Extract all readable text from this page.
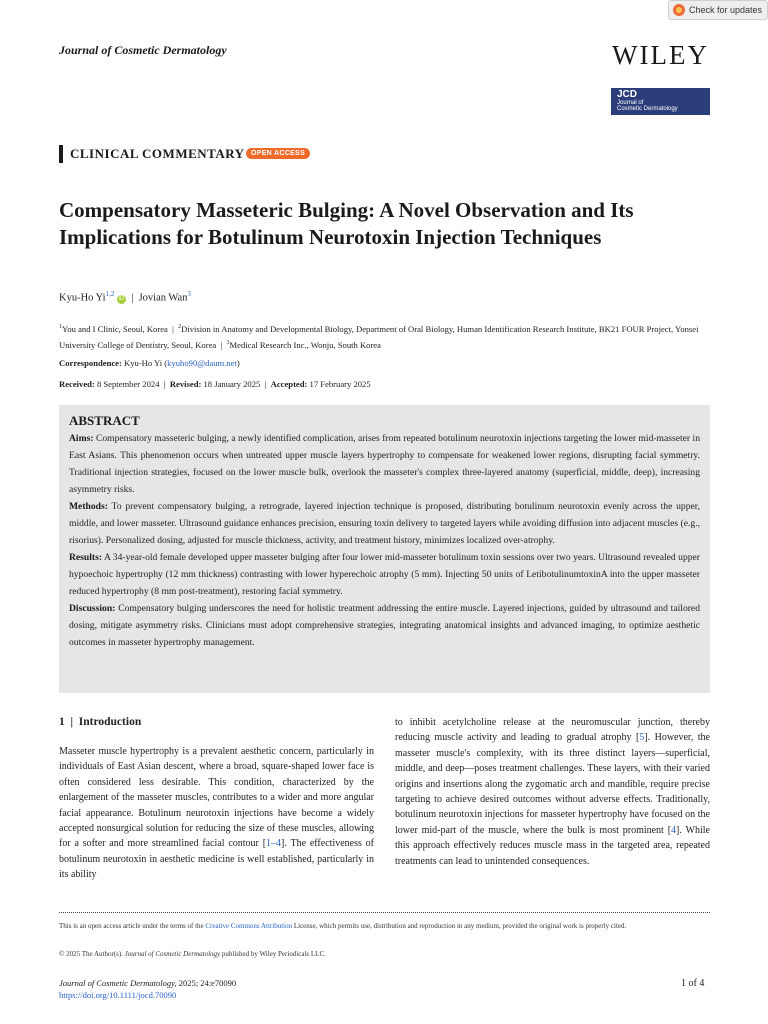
Check for updates
Journal of Cosmetic Dermatology	WILEY
JCD
Journal of
Cosmetic Dermatology
CLINICAL COMMENTARY OPEN ACCESS
Compensatory Masseteric Bulging: A Novel Observation and Its Implications for Botulinum Neurotoxin Injection Techniques
Kyu-Ho Yi$^{1,2}$ iD  |  Jovian Wan$^3$
$^1$You and I Clinic, Seoul, Korea  |  $^2$Division in Anatomy and Developmental Biology, Department of Oral Biology, Human Identification Research Institute, BK21 FOUR Project, Yonsei University College of Dentistry, Seoul, Korea  |  $^3$Medical Research Inc., Wonju, South Korea
Correspondence: Kyu-Ho Yi (kyuho90@daum.net)
Received: 8 September 2024  |  Revised: 18 January 2025  |  Accepted: 17 February 2025
ABSTRACT

Aims: Compensatory masseteric bulging, a newly identified complication, arises from repeated botulinum neurotoxin injections targeting the lower mid-masseter in East Asians. This phenomenon occurs when untreated upper muscle layers hypertrophy to compensate for weakened lower regions, disrupting facial symmetry. Traditional injection strategies, focused on the lower muscle bulk, overlook the masseter's complex three-layered anatomy (superficial, middle, deep), increasing asymmetry risks.

Methods: To prevent compensatory bulging, a retrograde, layered injection technique is proposed, distributing botulinum neurotoxin evenly across the upper, middle, and lower masseter. Ultrasound guidance enhances precision, ensuring toxin delivery to targeted layers while avoiding diffusion into adjacent muscles (e.g., risorius). Personalized dosing, adjusted for muscle thickness, activity, and treatment history, minimizes localized over-atrophy.

Results: A 34-year-old female developed upper masseter bulging after four lower mid-masseter botulinum toxin sessions over two years. Ultrasound revealed upper hypoechoic hypertrophy (12 mm thickness) contrasting with lower hyperechoic atrophy (5 mm). Injecting 50 units of LetibotulinumtoxinA into the upper masseter reduced hypertrophy (8 mm post-treatment), restoring facial symmetry.

Discussion: Compensatory bulging underscores the need for holistic treatment addressing the entire muscle. Layered injections, guided by ultrasound and tailored dosing, mitigate asymmetry risks. Clinicians must adopt comprehensive strategies, integrating anatomical insights and advanced imaging, to optimize aesthetic outcomes in masseter hypertrophy management.

1 | Introduction
Masseter muscle hypertrophy is a prevalent aesthetic concern, particularly in individuals of East Asian descent, where a broad, square-shaped lower face is often considered less desirable. This condition, characterized by the enlargement of the masseter muscles, contributes to a wider and more angular facial appearance. Botulinum neurotoxin injections have become a widely accepted nonsurgical solution for reducing the size of these muscles, allowing for a softer and more streamlined facial contour [1–4]. The effectiveness of botulinum neurotoxin in aesthetic medicine is well established, particularly in its ability
to inhibit acetylcholine release at the neuromuscular junction, thereby reducing muscle activity and leading to gradual atrophy [5]. However, the masseter muscle's complexity, with its three distinct layers—superficial, middle, and deep—poses treatment challenges. These layers, with their varied origins and insertions along the zygomatic arch and mandible, require precise targeting to achieve desired outcomes without adverse effects. Traditionally, botulinum neurotoxin injections for masseter hypertrophy have focused on the lower mid-part of the muscle, where the bulk is most prominent [4]. While this approach effectively reduces muscle mass in the targeted area, repeated treatments can lead to unintended consequences.
This is an open access article under the terms of the Creative Commons Attribution License, which permits use, distribution and reproduction in any medium, provided the original work is properly cited.
© 2025 The Author(s). Journal of Cosmetic Dermatology published by Wiley Periodicals LLC.
Journal of Cosmetic Dermatology, 2025; 24:e70090
https://doi.org/10.1111/jocd.70090
1 of 4
